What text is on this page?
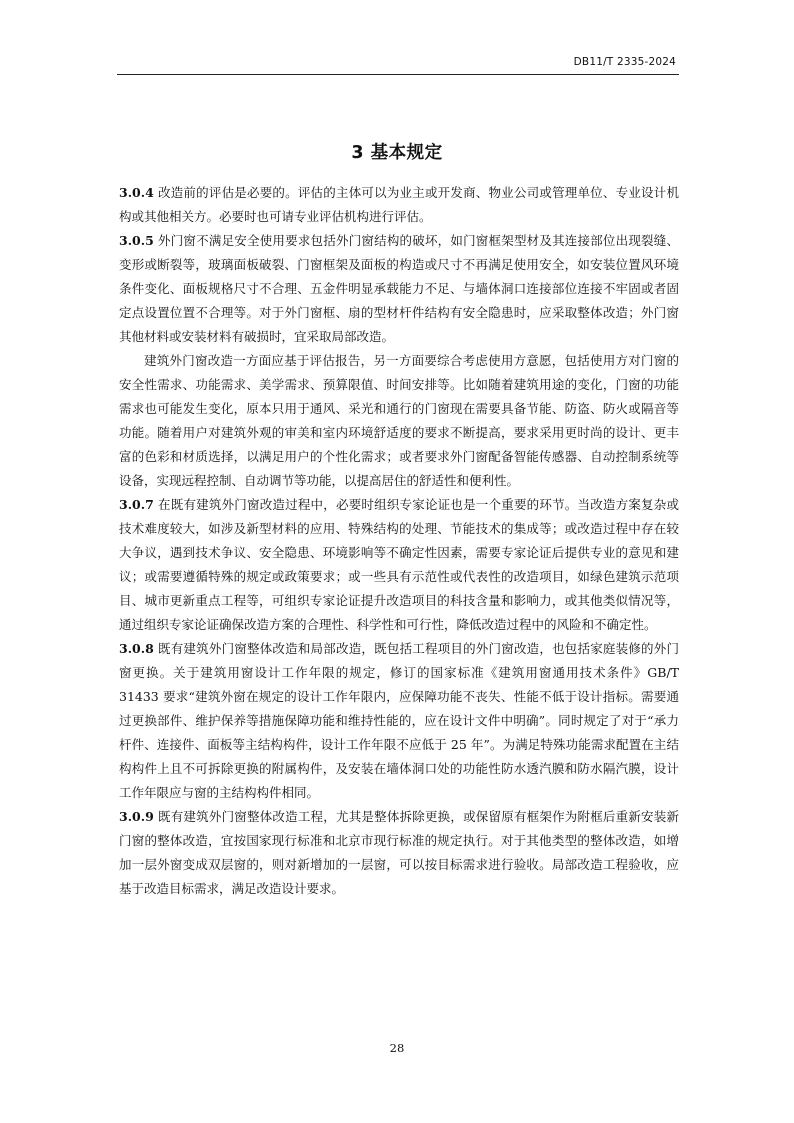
DB11/T 2335-2024
3 基本规定

3.0.4 改造前的评估是必要的。评估的主体可以为业主或开发商、物业公司或管理单位、专业设计机构或其他相关方。必要时也可请专业评估机构进行评估。

3.0.5 外门窗不满足安全使用要求包括外门窗结构的破坏，如门窗框架型材及其连接部位出现裂缝、变形或断裂等，玻璃面板破裂、门窗框架及面板的构造或尺寸不再满足使用安全，如安装位置风环境条件变化、面板规格尺寸不合理、五金件明显承载能力不足、与墙体洞口连接部位连接不牢固或者固定点设置位置不合理等。对于外门窗框、扇的型材杆件结构有安全隐患时，应采取整体改造；外门窗其他材料或安装材料有破损时，宜采取局部改造。

建筑外门窗改造一方面应基于评估报告，另一方面要综合考虑使用方意愿，包括使用方对门窗的安全性需求、功能需求、美学需求、预算限值、时间安排等。比如随着建筑用途的变化，门窗的功能需求也可能发生变化，原本只用于通风、采光和通行的门窗现在需要具备节能、防盗、防火或隔音等功能。随着用户对建筑外观的审美和室内环境舒适度的要求不断提高，要求采用更时尚的设计、更丰富的色彩和材质选择，以满足用户的个性化需求；或者要求外门窗配备智能传感器、自动控制系统等设备，实现远程控制、自动调节等功能，以提高居住的舒适性和便利性。

3.0.7 在既有建筑外门窗改造过程中，必要时组织专家论证也是一个重要的环节。当改造方案复杂或技术难度较大，如涉及新型材料的应用、特殊结构的处理、节能技术的集成等；或改造过程中存在较大争议，遇到技术争议、安全隐患、环境影响等不确定性因素，需要专家论证后提供专业的意见和建议；或需要遵循特殊的规定或政策要求；或一些具有示范性或代表性的改造项目，如绿色建筑示范项目、城市更新重点工程等，可组织专家论证提升改造项目的科技含量和影响力，或其他类似情况等，通过组织专家论证确保改造方案的合理性、科学性和可行性，降低改造过程中的风险和不确定性。

3.0.8 既有建筑外门窗整体改造和局部改造，既包括工程项目的外门窗改造，也包括家庭装修的外门窗更换。关于建筑用窗设计工作年限的规定，修订的国家标准《建筑用窗通用技术条件》GB/T 31433 要求“建筑外窗在规定的设计工作年限内，应保障功能不丧失、性能不低于设计指标。需要通过更换部件、维护保养等措施保障功能和维持性能的，应在设计文件中明确”。同时规定了对于“承力杆件、连接件、面板等主结构构件，设计工作年限不应低于 25 年”。为满足特殊功能需求配置在主结构构件上且不可拆除更换的附属构件，及安装在墙体洞口处的功能性防水透汽膜和防水隔汽膜，设计工作年限应与窗的主结构构件相同。

3.0.9 既有建筑外门窗整体改造工程，尤其是整体拆除更换，或保留原有框架作为附框后重新安装新门窗的整体改造，宜按国家现行标准和北京市现行标准的规定执行。对于其他类型的整体改造，如增加一层外窗变成双层窗的，则对新增加的一层窗，可以按目标需求进行验收。局部改造工程验收，应基于改造目标需求，满足改造设计要求。

28
